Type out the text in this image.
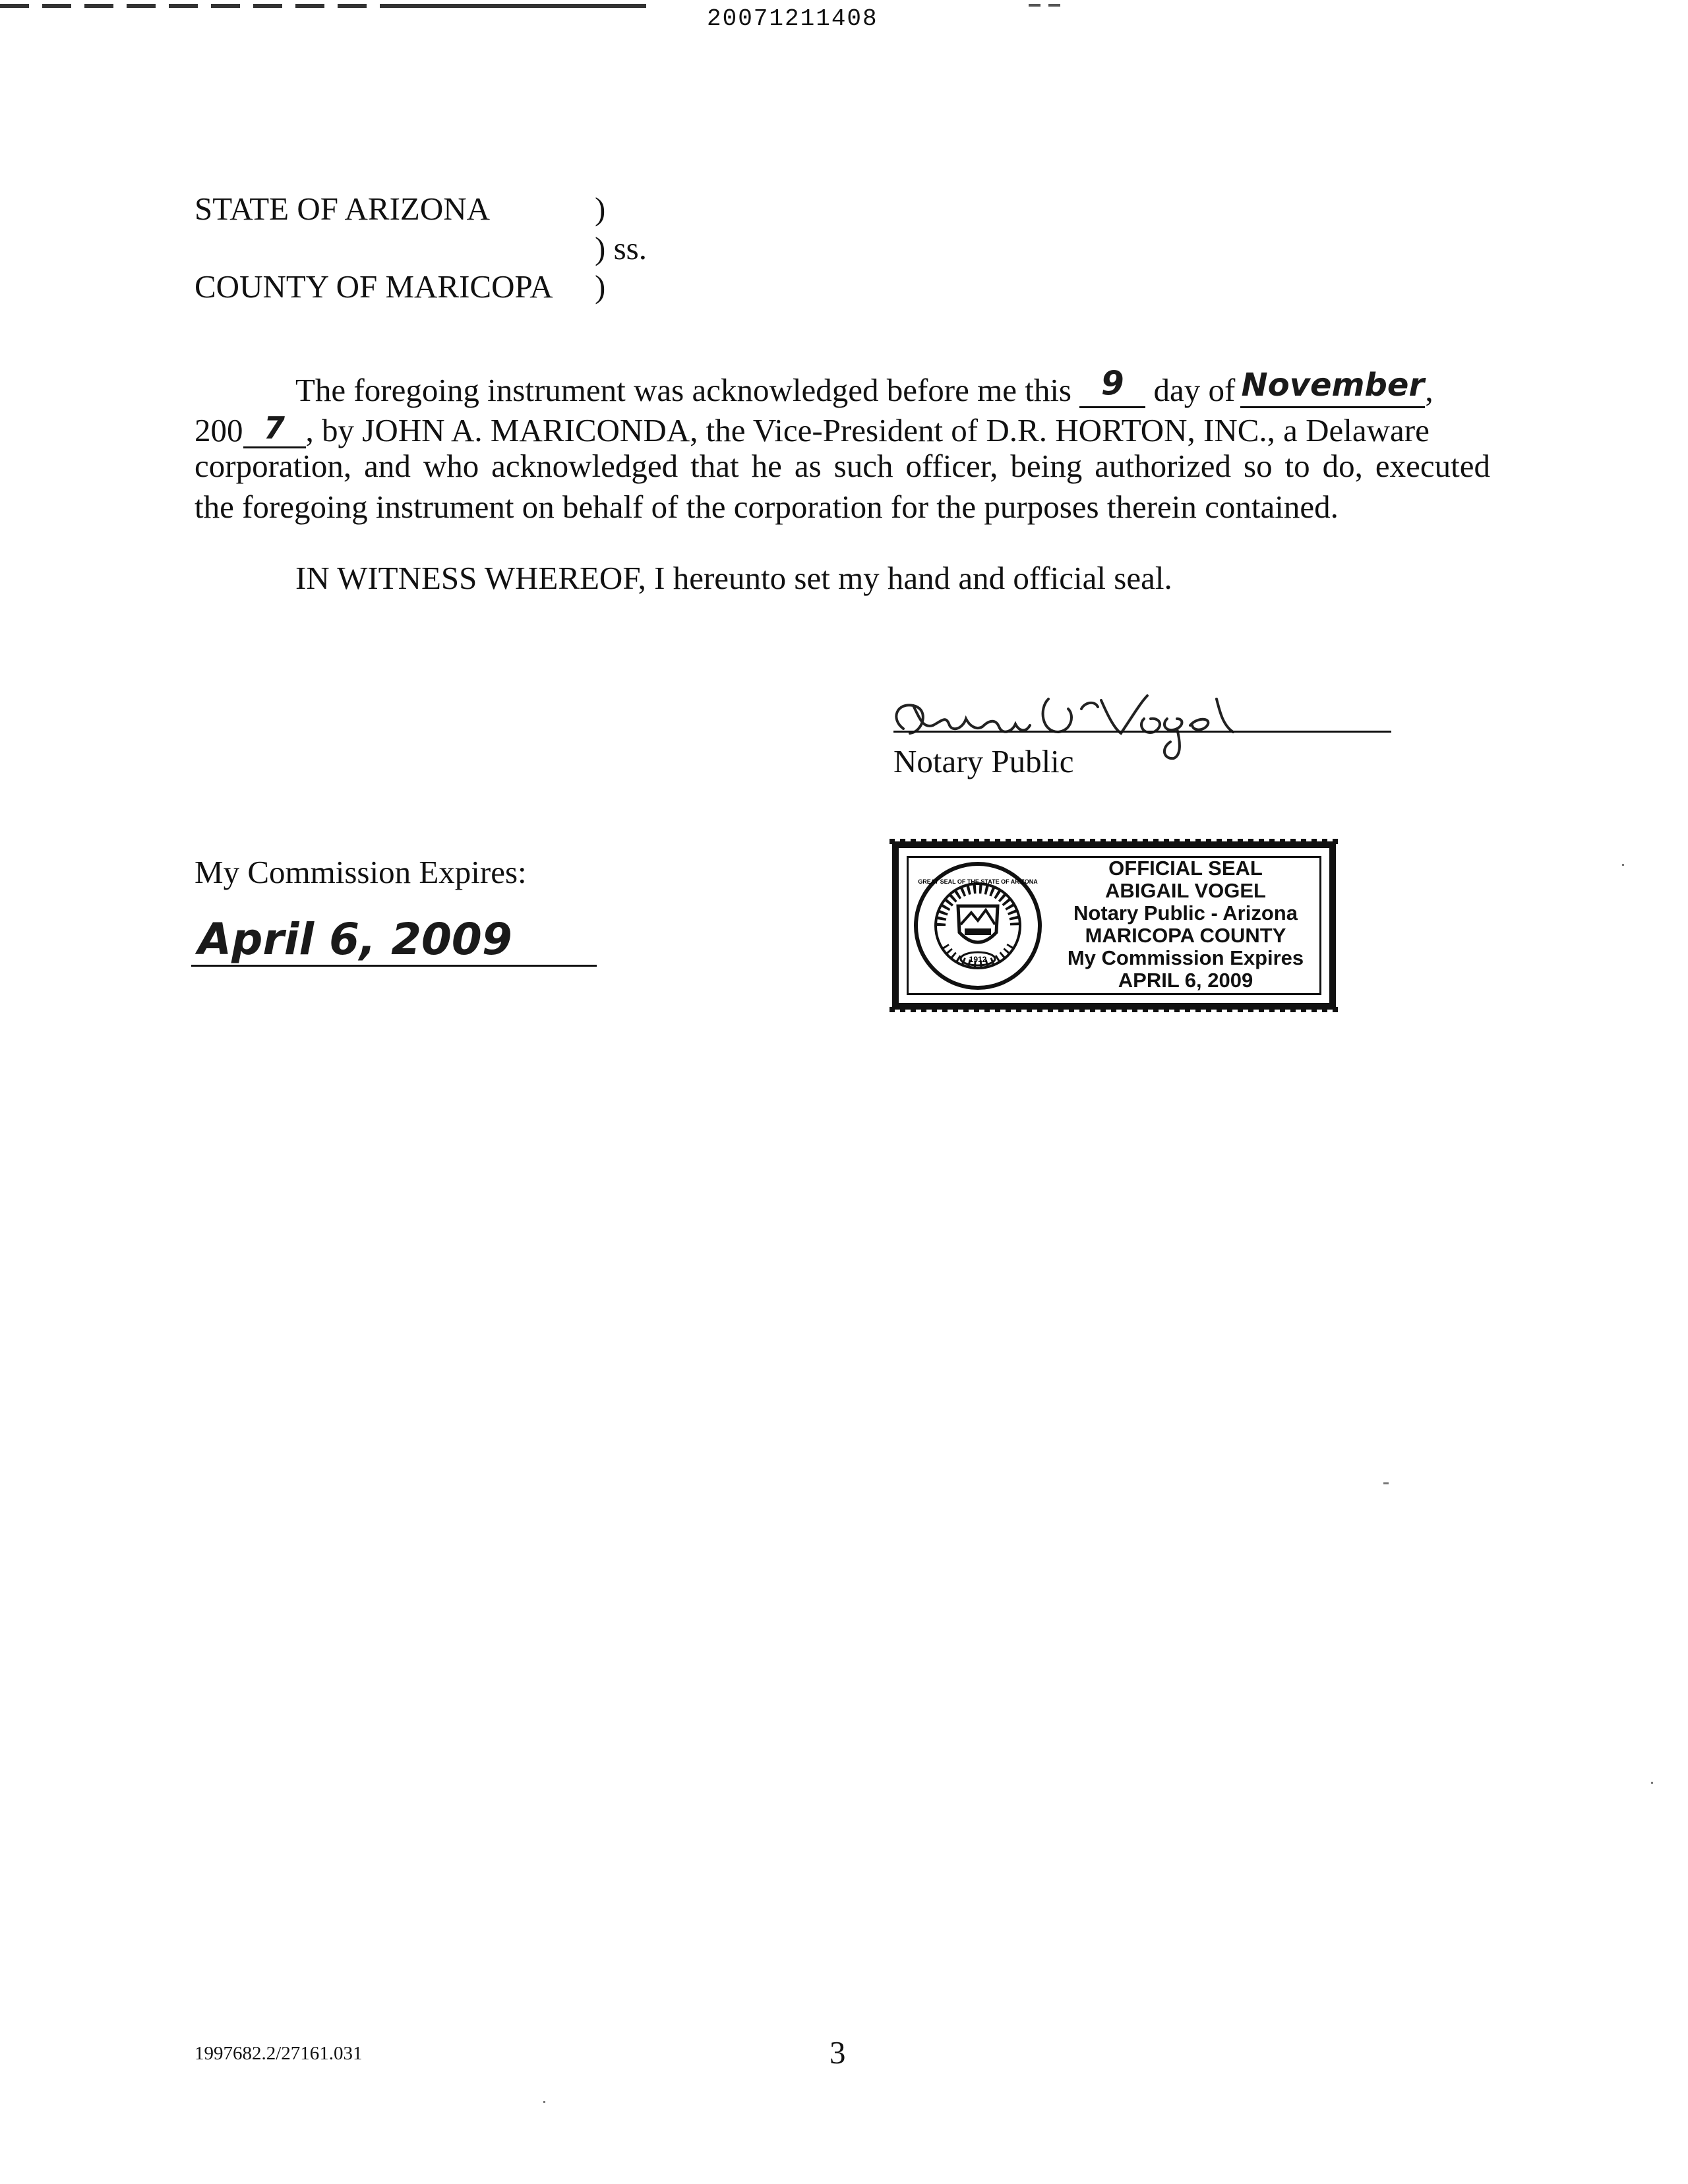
20071211408
STATE OF ARIZONA	)
) ss.
COUNTY OF MARICOPA )
The foregoing instrument was acknowledged before me this 9 day of November,
200 7 , by JOHN A. MARICONDA, the Vice-President of D.R. HORTON, INC., a Delaware
corporation, and who acknowledged that he as such officer, being authorized so to do, executed
the foregoing instrument on behalf of the corporation for the purposes therein contained.
IN WITNESS WHEREOF, I hereunto set my hand and official seal.
Notary Public
My Commission Expires:
April 6, 2009	1912
GREAT SEAL OF THE STATE OF ARIZONA
OFFICIAL SEAL
ABIGAIL VOGEL
Notary Public - Arizona
MARICOPA COUNTY
My Commission Expires
APRIL 6, 2009
1997682.2/27161.031	3
